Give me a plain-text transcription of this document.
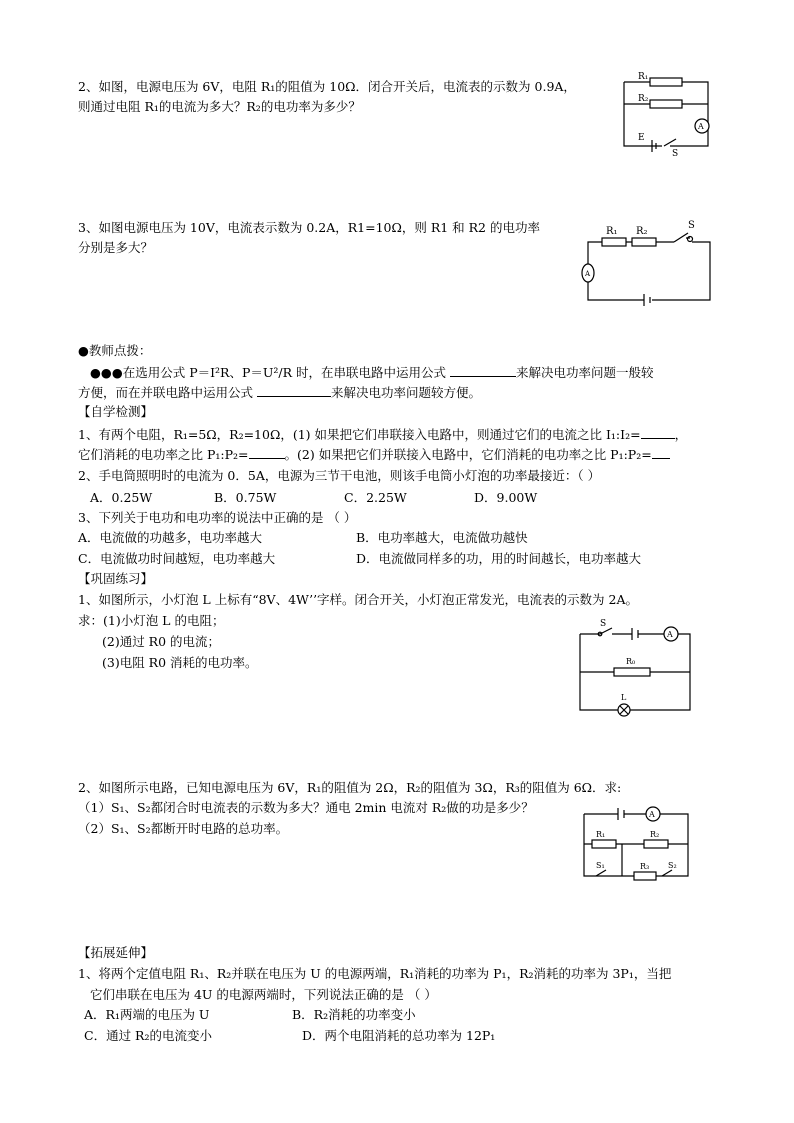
2、如图，电源电压为 6V，电阻 R₁的阻值为 10Ω．闭合开关后，电流表的示数为 0.9A，
则通过电阻 R₁的电流为多大？R₂的电功率为多少？
R₁
R₂
E
S
A
3、如图电源电压为 10V，电流表示数为 0.2A，R1=10Ω，则 R1 和 R2 的电功率
分别是多大？
R₁ R₂
S
A
●教师点拨：
●●●在选用公式 P＝I²R、P＝U²/R 时，在串联电路中运用公式	来解决电功率问题一般较
方便，而在并联电路中运用公式	来解决电功率问题较方便。
【自学检测】
1、有两个电阻，R₁=5Ω，R₂=10Ω，(1) 如果把它们串联接入电路中，则通过它们的电流之比 I₁:I₂=	，
它们消耗的电功率之比 P₁:P₂=	。(2) 如果把它们并联接入电路中，它们消耗的电功率之比 P₁:P₂=
2、手电筒照明时的电流为 0．5A，电源为三节干电池，则该手电筒小灯泡的功率最接近：（ ）
A．0.25W	B．0.75W	C．2.25W	D．9.00W
3、下列关于电功和电功率的说法中正确的是 （ ）
A．电流做的功越多，电功率越大	B．电功率越大，电流做功越快
C．电流做功时间越短，电功率越大	D．电流做同样多的功，用的时间越长，电功率越大
【巩固练习】
1、如图所示，小灯泡 L 上标有“8V、4W’’字样。闭合开关，小灯泡正常发光，电流表的示数为 2A。
求：(1)小灯泡 L 的电阻；
(2)通过 R0 的电流；
(3)电阻 R0 消耗的电功率。
S
A
R₀
L
2、如图所示电路，已知电源电压为 6V，R₁的阻值为 2Ω，R₂的阻值为 3Ω，R₃的阻值为 6Ω．求:
（1）S₁、S₂都闭合时电流表的示数为多大？通电 2min 电流对 R₂做的功是多少？
（2）S₁、S₂都断开时电路的总功率。
A
R₁	R₂
S₁	R₃ S₂
【拓展延伸】
1、将两个定值电阻 R₁、R₂并联在电压为 U 的电源两端，R₁消耗的功率为 P₁，R₂消耗的功率为 3P₁，当把
它们串联在电压为 4U 的电源两端时，下列说法正确的是 （ ）
A．R₁两端的电压为 U	B．R₂消耗的功率变小
C．通过 R₂的电流变小	D．两个电阻消耗的总功率为 12P₁
